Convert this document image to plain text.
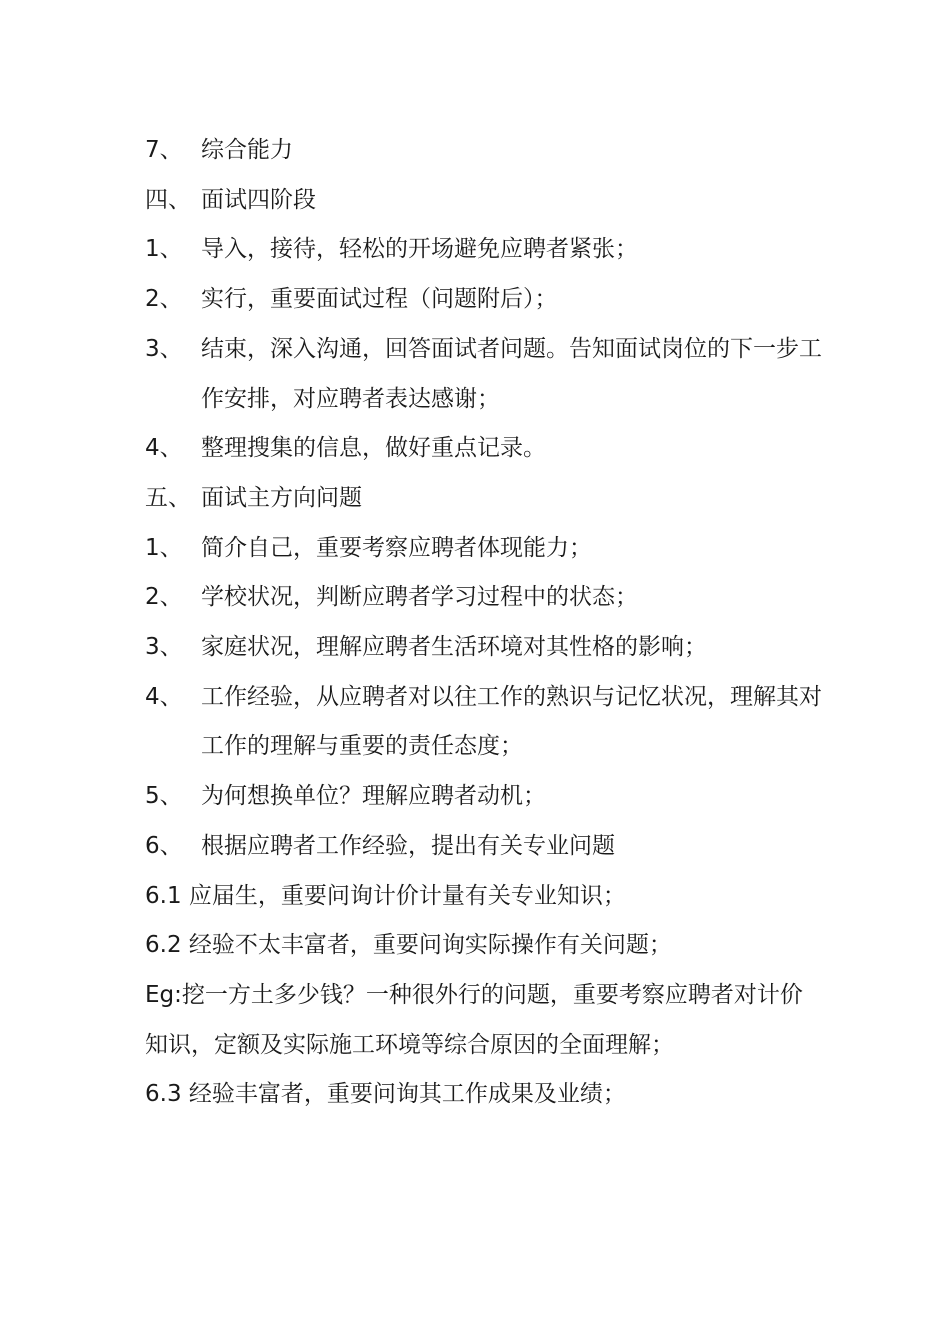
7、 综合能力
四、 面试四阶段
1、 导入，接待，轻松的开场避免应聘者紧张；
2、 实行，重要面试过程（问题附后）；
3、 结束，深入沟通，回答面试者问题。告知面试岗位的下一步工作安排，对应聘者表达感谢；
4、 整理搜集的信息，做好重点记录。
五、 面试主方向问题
1、 简介自己，重要考察应聘者体现能力；
2、 学校状况，判断应聘者学习过程中的状态；
3、 家庭状况，理解应聘者生活环境对其性格的影响；
4、 工作经验，从应聘者对以往工作的熟识与记忆状况，理解其对工作的理解与重要的责任态度；
5、 为何想换单位？理解应聘者动机；
6、 根据应聘者工作经验，提出有关专业问题
6.1 应届生，重要问询计价计量有关专业知识；
6.2 经验不太丰富者，重要问询实际操作有关问题；
Eg:挖一方土多少钱？一种很外行的问题，重要考察应聘者对计价知识，定额及实际施工环境等综合原因的全面理解；
6.3 经验丰富者，重要问询其工作成果及业绩；
